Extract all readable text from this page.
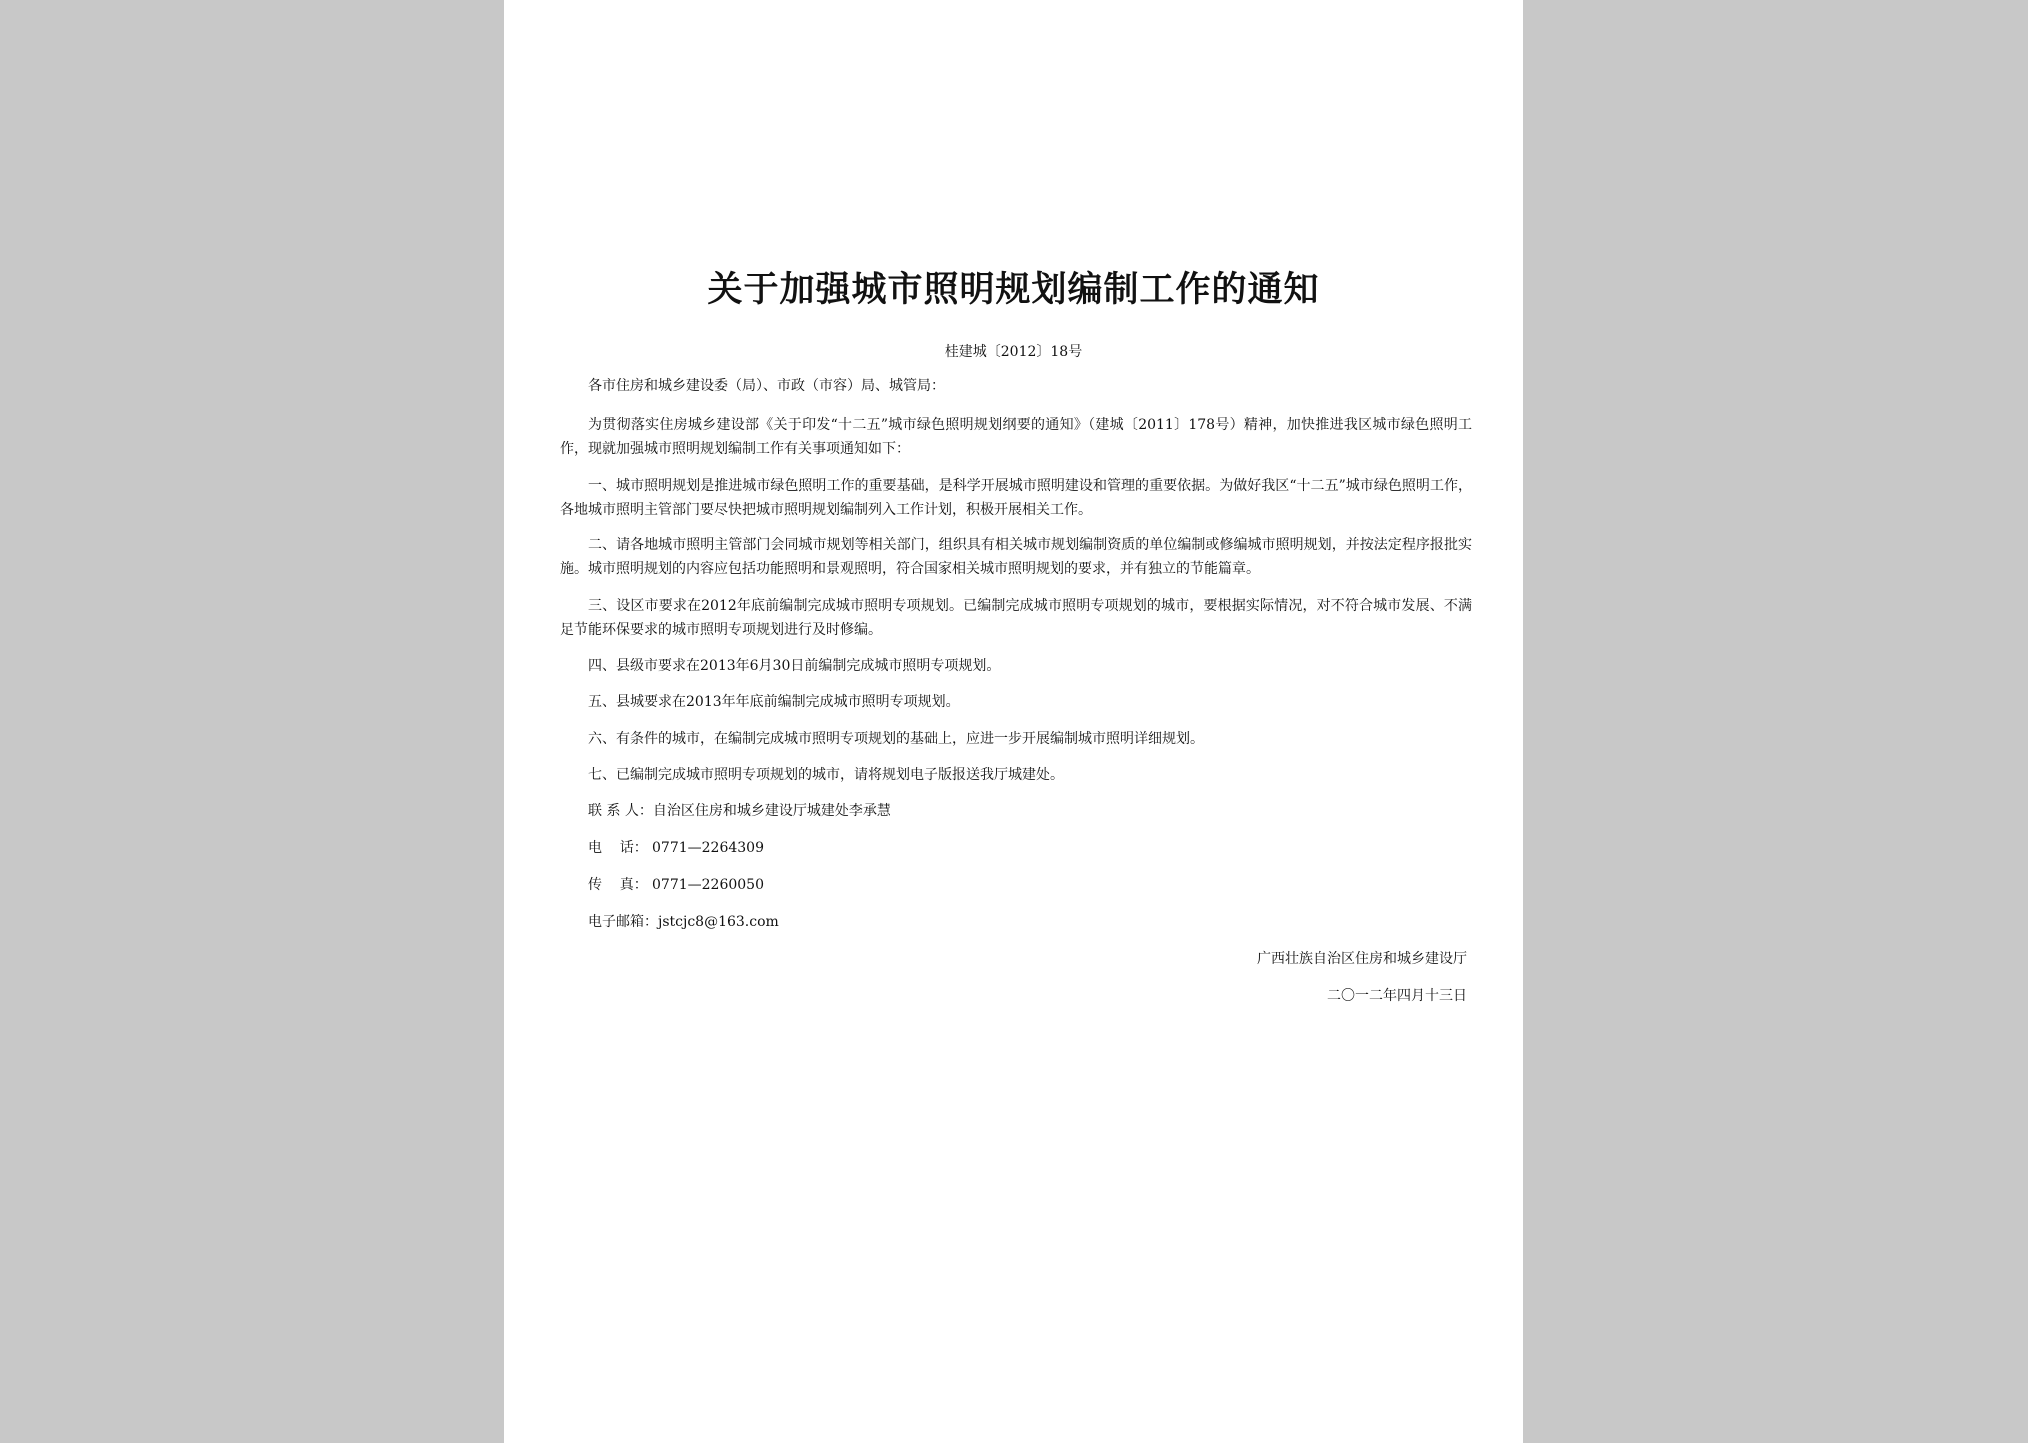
关于加强城市照明规划编制工作的通知
桂建城〔2012〕18号
各市住房和城乡建设委（局）、市政（市容）局、城管局：
为贯彻落实住房城乡建设部《关于印发“十二五”城市绿色照明规划纲要的通知》（建城〔2011〕178号）精神，加快推进我区城市绿色照明工作，现就加强城市照明规划编制工作有关事项通知如下：
一、城市照明规划是推进城市绿色照明工作的重要基础，是科学开展城市照明建设和管理的重要依据。为做好我区“十二五”城市绿色照明工作，各地城市照明主管部门要尽快把城市照明规划编制列入工作计划，积极开展相关工作。
二、请各地城市照明主管部门会同城市规划等相关部门，组织具有相关城市规划编制资质的单位编制或修编城市照明规划，并按法定程序报批实施。城市照明规划的内容应包括功能照明和景观照明，符合国家相关城市照明规划的要求，并有独立的节能篇章。
三、设区市要求在2012年底前编制完成城市照明专项规划。已编制完成城市照明专项规划的城市，要根据实际情况，对不符合城市发展、不满足节能环保要求的城市照明专项规划进行及时修编。
四、县级市要求在2013年6月30日前编制完成城市照明专项规划。
五、县城要求在2013年年底前编制完成城市照明专项规划。
六、有条件的城市，在编制完成城市照明专项规划的基础上，应进一步开展编制城市照明详细规划。
七、已编制完成城市照明专项规划的城市，请将规划电子版报送我厅城建处。
联 系 人：自治区住房和城乡建设厅城建处李承慧
电    话： 0771—2264309
传    真： 0771—2260050
电子邮箱：jstcjc8@163.com
广西壮族自治区住房和城乡建设厅
二〇一二年四月十三日
